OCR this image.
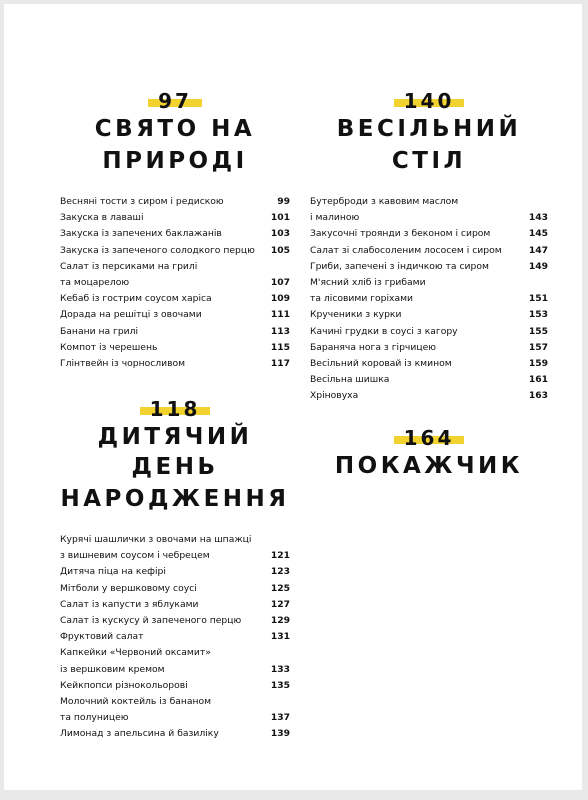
97
СВЯТО НА
ПРИРОДІ
Весняні тости з сиром і редискою	99
Закуска в лаваші	101
Закуска із запечених баклажанів	103
Закуска із запеченого солодкого перцю	105
Салат із персиками на грилі
та моцарелою	107
Кебаб із гострим соусом харіса	109
Дорада на решітці з овочами	111
Банани на грилі	113
Компот із черешень	115
Глінтвейн із чорносливом	117
140
ВЕСІЛЬНИЙ
СТІЛ
Бутерброди з кавовим маслом
і малиною	143
Закусочні троянди з беконом і сиром	145
Салат зі слабосоленим лососем і сиром	147
Гриби, запечені з індичкою та сиром	149
М'ясний хліб із грибами
та лісовими горіхами	151
Крученики з курки	153
Качині грудки в соусі з кагору	155
Баранячa нога з гірчицею	157
Весільний коровай із кмином	159
Весільна шишка	161
Хріновуха	163
118
ДИТЯЧИЙ ДЕНЬ
НАРОДЖЕННЯ
Курячі шашлички з овочами на шпажці
з вишневим соусом і чебрецем	121
Дитяча піца на кефірі	123
Мітболи у вершковому соусі	125
Салат із капусти з яблуками	127
Салат із кускусу й запеченого перцю	129
Фруктовий салат	131
Капкейки «Червоний оксамит»
із вершковим кремом	133
Кейкпопси різнокольорові	135
Молочний коктейль із бананом
та полуницею	137
Лимонад з апельсина й базиліку	139
164
ПОКАЖЧИК
